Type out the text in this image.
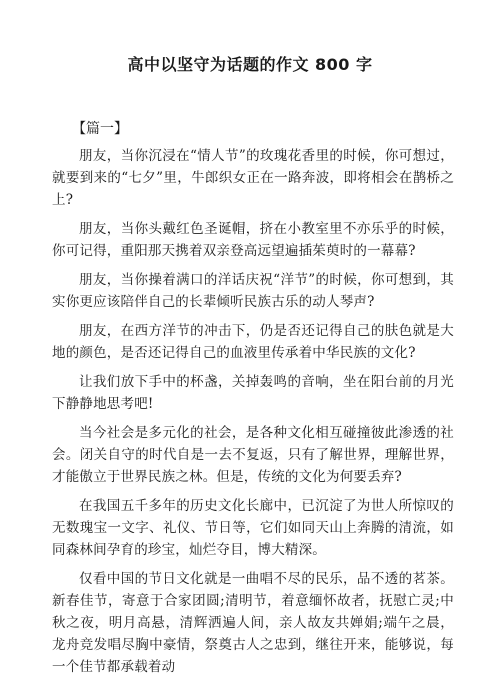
高中以坚守为话题的作文 800 字

【篇一】

朋友，当你沉浸在“情人节”的玫瑰花香里的时候，你可想过，就要到来的“七夕”里，牛郎织女正在一路奔波，即将相会在鹊桥之上?

朋友，当你头戴红色圣诞帽，挤在小教室里不亦乐乎的时候，你可记得，重阳那天携着双亲登高远望遍插茱萸时的一幕幕?

朋友，当你操着满口的洋话庆祝“洋节”的时候，你可想到，其实你更应该陪伴自己的长辈倾听民族古乐的动人琴声?

朋友，在西方洋节的冲击下，仍是否还记得自己的肤色就是大地的颜色，是否还记得自己的血液里传承着中华民族的文化?

让我们放下手中的杯盏，关掉轰鸣的音响，坐在阳台前的月光下静静地思考吧!

当今社会是多元化的社会，是各种文化相互碰撞彼此渗透的社会。闭关自守的时代自是一去不复返，只有了解世界，理解世界，才能傲立于世界民族之林。但是，传统的文化为何要丢弃?

在我国五千多年的历史文化长廊中，已沉淀了为世人所惊叹的无数瑰宝一文字、礼仪、节日等，它们如同天山上奔腾的清流，如同森林间孕育的珍宝，灿烂夺目，博大精深。

仅看中国的节日文化就是一曲唱不尽的民乐，品不透的茗茶。新春佳节，寄意于合家团圆;清明节，着意缅怀故者，抚慰亡灵;中秋之夜，明月高悬，清辉洒遍人间，亲人故友共婵娟;端午之晨，龙舟竞发唱尽胸中豪情，祭奠古人之忠到，继往开来，能够说，每一个佳节都承载着动
